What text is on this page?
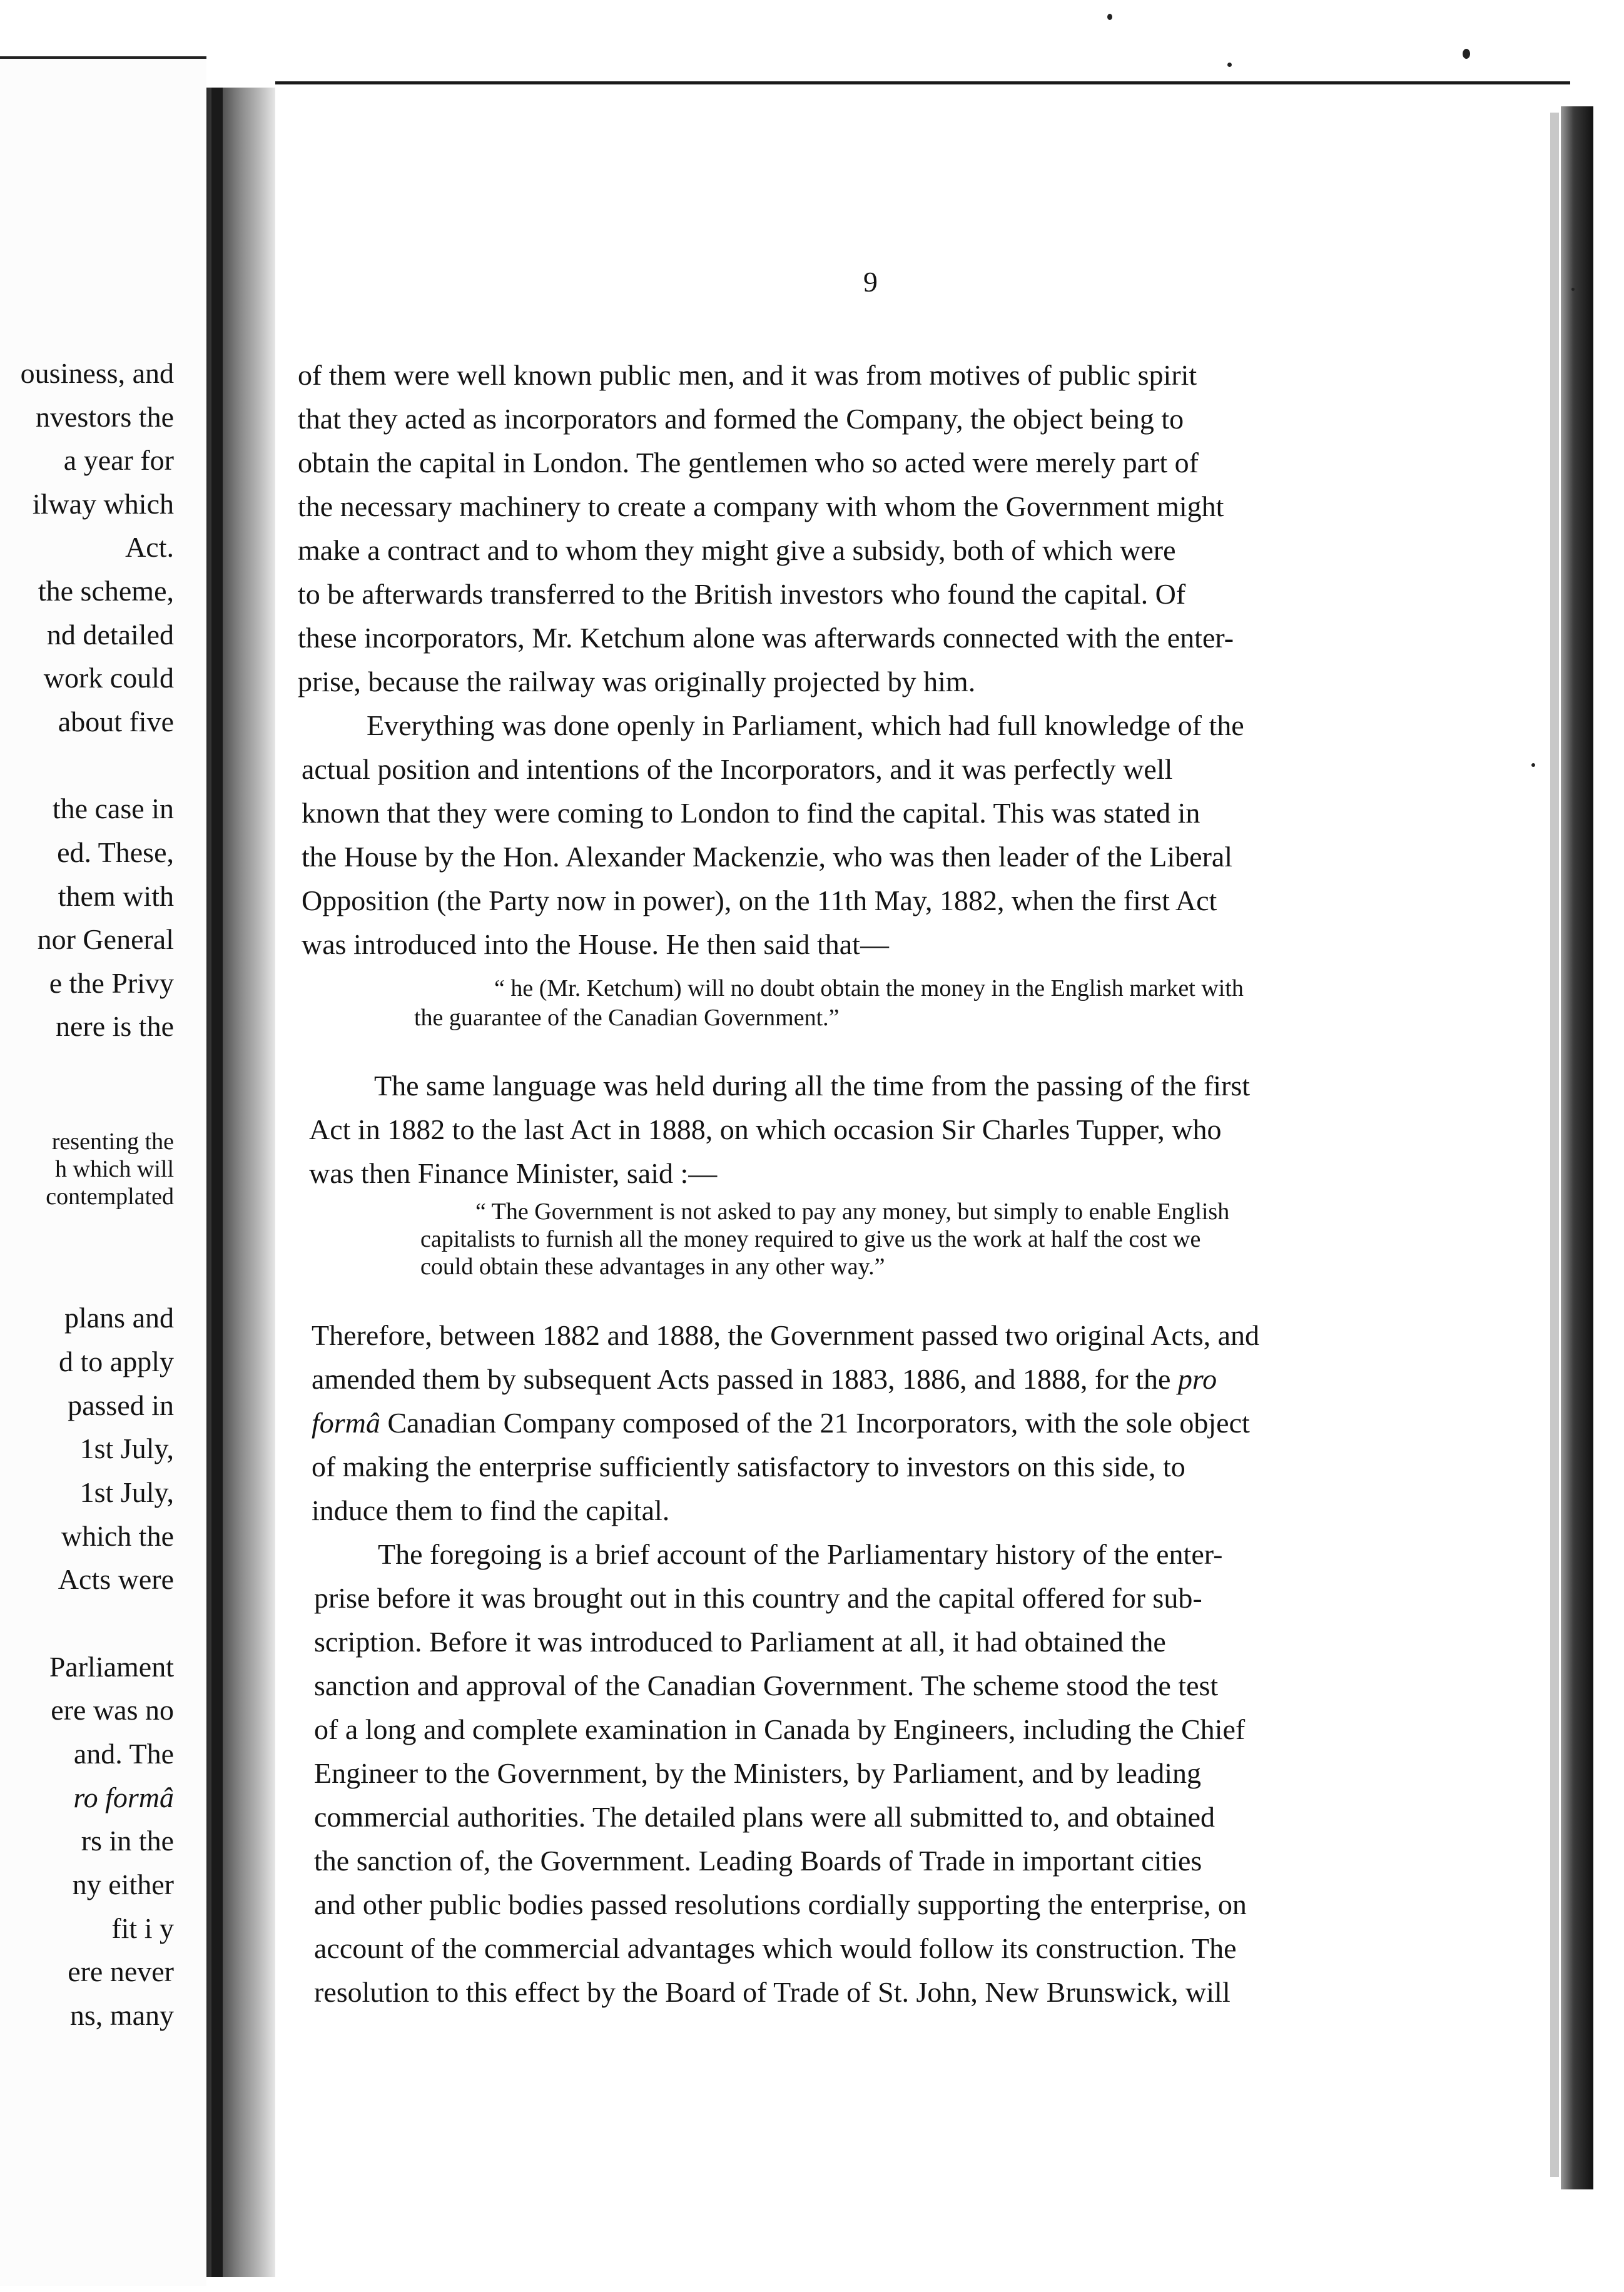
ousiness, and
nvestors the
a year for
ilway which
Act.
the scheme,
nd detailed
work could
about five
the case in
ed. These,
them with
nor General
e the Privy
nere is the
resenting the
h which will
contemplated
plans and
d to apply
passed in
1st July,
1st July,
which the
Acts were
Parliament
ere was no
and. The
ro formâ
rs in the
ny either
fit i y
ere never
ns, many
9
of them were well known public men, and it was from motives of public spirit
that they acted as incorporators and formed the Company, the object being to
obtain the capital in London. The gentlemen who so acted were merely part of
the necessary machinery to create a company with whom the Government might
make a contract and to whom they might give a subsidy, both of which were
to be afterwards transferred to the British investors who found the capital. Of
these incorporators, Mr. Ketchum alone was afterwards connected with the enter-
prise, because the railway was originally projected by him.
Everything was done openly in Parliament, which had full knowledge of the
actual position and intentions of the Incorporators, and it was perfectly well
known that they were coming to London to find the capital. This was stated in
the House by the Hon. Alexander Mackenzie, who was then leader of the Liberal
Opposition (the Party now in power), on the 11th May, 1882, when the first Act
was introduced into the House. He then said that—
“ he (Mr. Ketchum) will no doubt obtain the money in the English market with
the guarantee of the Canadian Government.”
The same language was held during all the time from the passing of the first
Act in 1882 to the last Act in 1888, on which occasion Sir Charles Tupper, who
was then Finance Minister, said :—
“ The Government is not asked to pay any money, but simply to enable English
capitalists to furnish all the money required to give us the work at half the cost we
could obtain these advantages in any other way.”
Therefore, between 1882 and 1888, the Government passed two original Acts, and
amended them by subsequent Acts passed in 1883, 1886, and 1888, for the pro
formâ Canadian Company composed of the 21 Incorporators, with the sole object
of making the enterprise sufficiently satisfactory to investors on this side, to
induce them to find the capital.
The foregoing is a brief account of the Parliamentary history of the enter-
prise before it was brought out in this country and the capital offered for sub-
scription. Before it was introduced to Parliament at all, it had obtained the
sanction and approval of the Canadian Government. The scheme stood the test
of a long and complete examination in Canada by Engineers, including the Chief
Engineer to the Government, by the Ministers, by Parliament, and by leading
commercial authorities. The detailed plans were all submitted to, and obtained
the sanction of, the Government. Leading Boards of Trade in important cities
and other public bodies passed resolutions cordially supporting the enterprise, on
account of the commercial advantages which would follow its construction. The
resolution to this effect by the Board of Trade of St. John, New Brunswick, will
